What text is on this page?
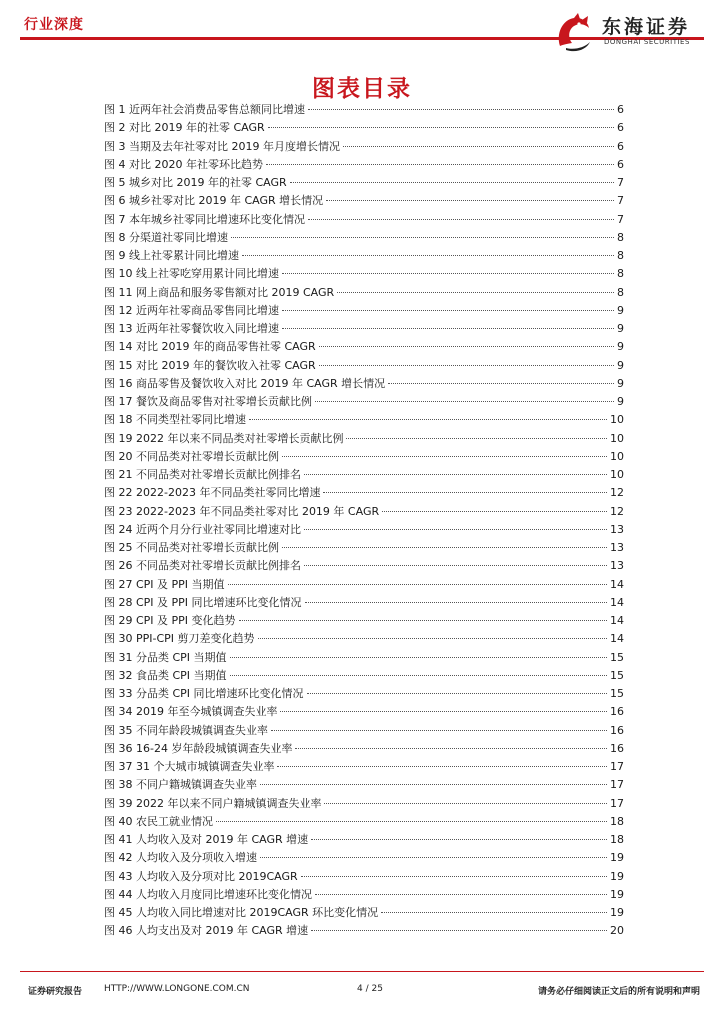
行业深度	东海证券
DONGHAI SECURITIES
图表目录
图 1 近两年社会消费品零售总额同比增速	6
图 2 对比 2019 年的社零 CAGR	6
图 3 当期及去年社零对比 2019 年月度增长情况	6
图 4 对比 2020 年社零环比趋势	6
图 5 城乡对比 2019 年的社零 CAGR	7
图 6 城乡社零对比 2019 年 CAGR 增长情况	7
图 7 本年城乡社零同比增速环比变化情况	7
图 8 分渠道社零同比增速	8
图 9 线上社零累计同比增速	8
图 10 线上社零吃穿用累计同比增速	8
图 11 网上商品和服务零售额对比 2019 CAGR	8
图 12 近两年社零商品零售同比增速	9
图 13 近两年社零餐饮收入同比增速	9
图 14 对比 2019 年的商品零售社零 CAGR	9
图 15 对比 2019 年的餐饮收入社零 CAGR	9
图 16 商品零售及餐饮收入对比 2019 年 CAGR 增长情况	9
图 17 餐饮及商品零售对社零增长贡献比例	9
图 18 不同类型社零同比增速	10
图 19 2022 年以来不同品类对社零增长贡献比例	10
图 20 不同品类对社零增长贡献比例	10
图 21 不同品类对社零增长贡献比例排名	10
图 22 2022-2023 年不同品类社零同比增速	12
图 23 2022-2023 年不同品类社零对比 2019 年 CAGR	12
图 24 近两个月分行业社零同比增速对比	13
图 25 不同品类对社零增长贡献比例	13
图 26 不同品类对社零增长贡献比例排名	13
图 27 CPI 及 PPI 当期值	14
图 28 CPI 及 PPI 同比增速环比变化情况	14
图 29 CPI 及 PPI 变化趋势	14
图 30 PPI-CPI 剪刀差变化趋势	14
图 31 分品类 CPI 当期值	15
图 32 食品类 CPI 当期值	15
图 33 分品类 CPI 同比增速环比变化情况	15
图 34 2019 年至今城镇调查失业率	16
图 35 不同年龄段城镇调查失业率	16
图 36 16-24 岁年龄段城镇调查失业率	16
图 37 31 个大城市城镇调查失业率	17
图 38 不同户籍城镇调查失业率	17
图 39 2022 年以来不同户籍城镇调查失业率	17
图 40 农民工就业情况	18
图 41 人均收入及对 2019 年 CAGR 增速	18
图 42 人均收入及分项收入增速	19
图 43 人均收入及分项对比 2019CAGR	19
图 44 人均收入月度同比增速环比变化情况	19
图 45 人均收入同比增速对比 2019CAGR 环比变化情况	19
图 46 人均支出及对 2019 年 CAGR 增速	20
证券研究报告 HTTP://WWW.LONGONE.COM.CN	4 / 25	请务必仔细阅读正文后的所有说明和声明
